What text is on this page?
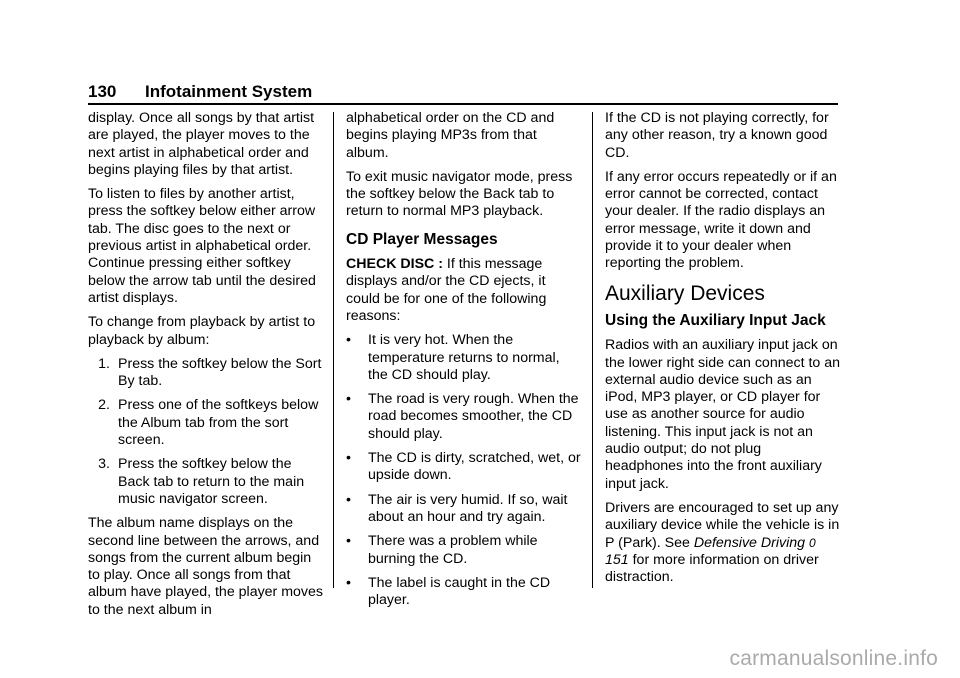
130 Infotainment System

display. Once all songs by that artist are played, the player moves to the next artist in alphabetical order and begins playing files by that artist.

To listen to files by another artist, press the softkey below either arrow tab. The disc goes to the next or previous artist in alphabetical order. Continue pressing either softkey below the arrow tab until the desired artist displays.

To change from playback by artist to playback by album:

1. Press the softkey below the Sort By tab.
2. Press one of the softkeys below the Album tab from the sort screen.
3. Press the softkey below the Back tab to return to the main music navigator screen.

The album name displays on the second line between the arrows, and songs from the current album begin to play. Once all songs from that album have played, the player moves to the next album in

alphabetical order on the CD and begins playing MP3s from that album.

To exit music navigator mode, press the softkey below the Back tab to return to normal MP3 playback.

CD Player Messages

CHECK DISC : If this message displays and/or the CD ejects, it could be for one of the following reasons:

• It is very hot. When the temperature returns to normal, the CD should play.
• The road is very rough. When the road becomes smoother, the CD should play.
• The CD is dirty, scratched, wet, or upside down.
• The air is very humid. If so, wait about an hour and try again.
• There was a problem while burning the CD.
• The label is caught in the CD player.

If the CD is not playing correctly, for any other reason, try a known good CD.

If any error occurs repeatedly or if an error cannot be corrected, contact your dealer. If the radio displays an error message, write it down and provide it to your dealer when reporting the problem.

Auxiliary Devices
Using the Auxiliary Input Jack

Radios with an auxiliary input jack on the lower right side can connect to an external audio device such as an iPod, MP3 player, or CD player for use as another source for audio listening. This input jack is not an audio output; do not plug headphones into the front auxiliary input jack.

Drivers are encouraged to set up any auxiliary device while the vehicle is in P (Park). See Defensive Driving 0 151 for more information on driver distraction.

carmanualsonline.info
